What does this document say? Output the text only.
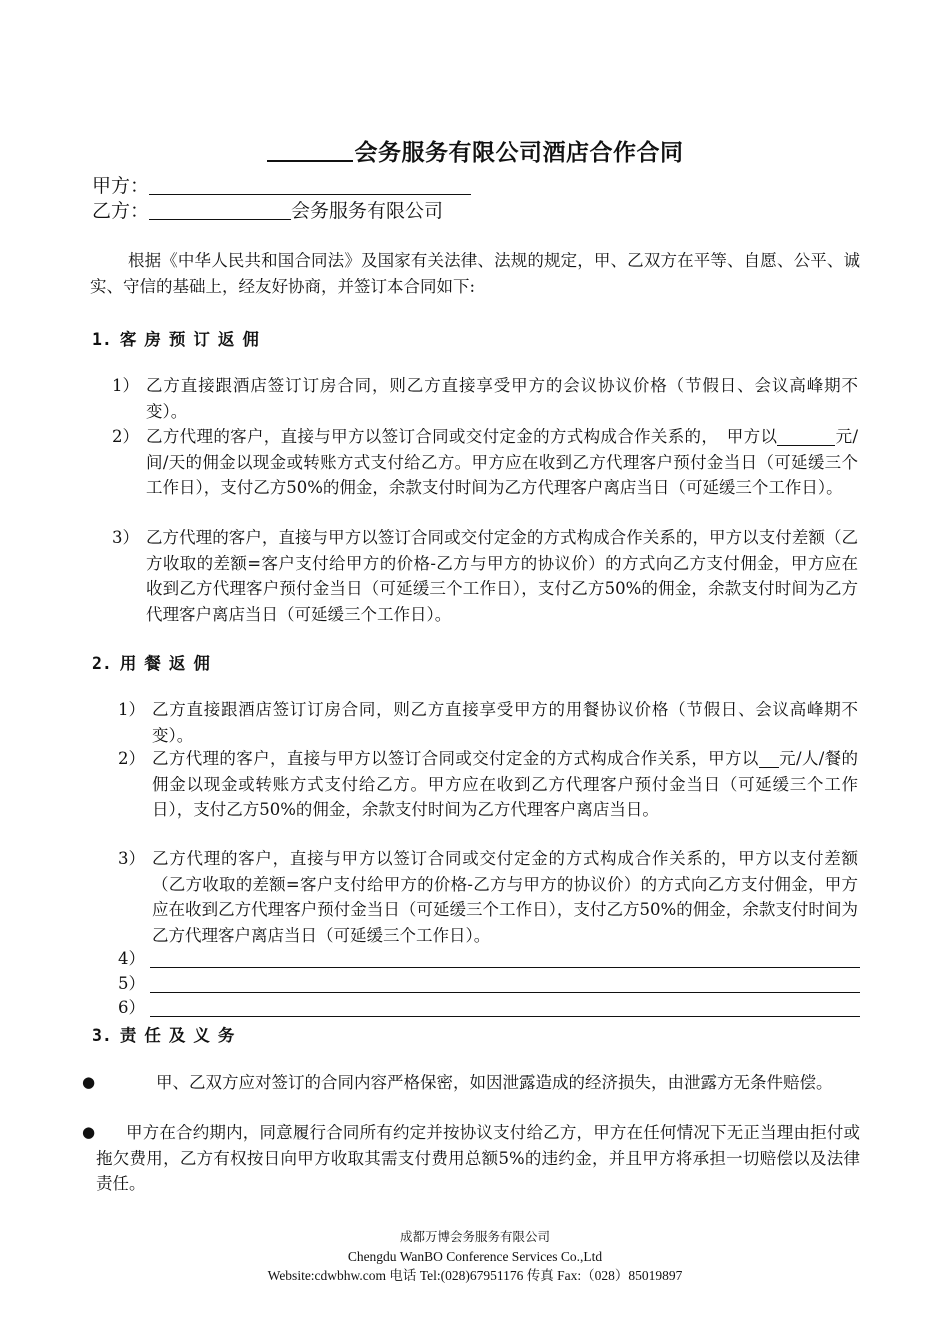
会务服务有限公司酒店合作合同
甲方：
乙方：	会务服务有限公司
根据《中华人民共和国合同法》及国家有关法律、法规的规定，甲、乙双方在平等、自愿、公平、诚实、守信的基础上，经友好协商，并签订本合同如下:
1. 客房预订返佣
1） 乙方直接跟酒店签订订房合同，则乙方直接享受甲方的会议协议价格（节假日、会议高峰期不变）。
2） 乙方代理的客户，直接与甲方以签订合同或交付定金的方式构成合作关系的，　甲方以	元/间/天的佣金以现金或转账方式支付给乙方。甲方应在收到乙方代理客户预付金当日（可延缓三个工作日），支付乙方50%的佣金，余款支付时间为乙方代理客户离店当日（可延缓三个工作日）。
3） 乙方代理的客户，直接与甲方以签订合同或交付定金的方式构成合作关系的，甲方以支付差额（乙方收取的差额=客户支付给甲方的价格-乙方与甲方的协议价）的方式向乙方支付佣金，甲方应在收到乙方代理客户预付金当日（可延缓三个工作日），支付乙方50%的佣金，余款支付时间为乙方代理客户离店当日（可延缓三个工作日）。
2. 用餐返佣
1） 乙方直接跟酒店签订订房合同，则乙方直接享受甲方的用餐协议价格（节假日、会议高峰期不变）。
2） 乙方代理的客户，直接与甲方以签订合同或交付定金的方式构成合作关系，甲方以 元/人/餐的佣金以现金或转账方式支付给乙方。甲方应在收到乙方代理客户预付金当日（可延缓三个工作日），支付乙方50%的佣金，余款支付时间为乙方代理客户离店当日。
3） 乙方代理的客户，直接与甲方以签订合同或交付定金的方式构成合作关系的，甲方以支付差额（乙方收取的差额=客户支付给甲方的价格-乙方与甲方的协议价）的方式向乙方支付佣金，甲方应在收到乙方代理客户预付金当日（可延缓三个工作日），支付乙方50%的佣金，余款支付时间为乙方代理客户离店当日（可延缓三个工作日）。
4）
5）
6）
3. 责任及义务
●	甲、乙双方应对签订的合同内容严格保密，如因泄露造成的经济损失，由泄露方无条件赔偿。
●	甲方在合约期内，同意履行合同所有约定并按协议支付给乙方，甲方在任何情况下无正当理由拒付或拖欠费用，乙方有权按日向甲方收取其需支付费用总额5%的违约金，并且甲方将承担一切赔偿以及法律责任。
成都万博会务服务有限公司
Chengdu WanBO Conference Services Co.,Ltd
Website:cdwbhw.com 电话 Tel:(028)67951176 传真 Fax:（028）85019897
